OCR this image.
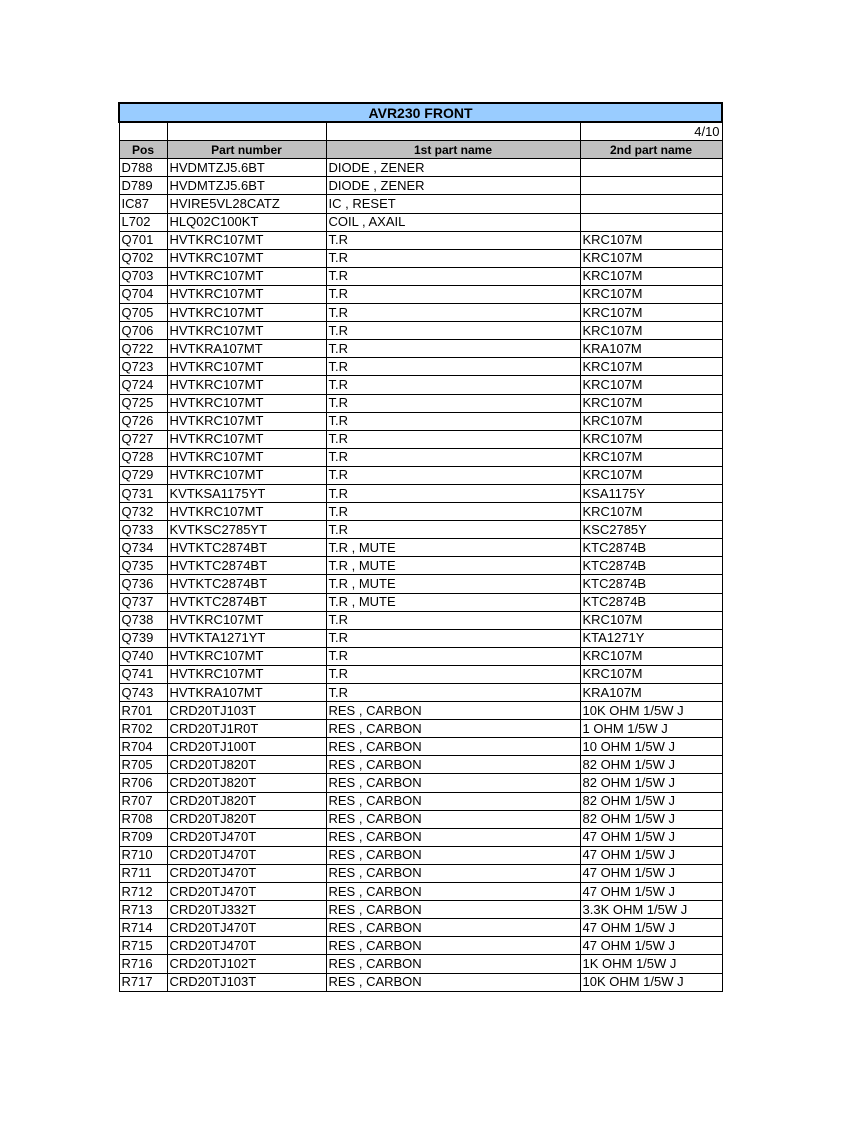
AVR230 FRONT			
			4/10
Pos	Part number	1st part name	2nd part name
D788	HVDMTZJ5.6BT	DIODE , ZENER	
D789	HVDMTZJ5.6BT	DIODE , ZENER	
IC87	HVIRE5VL28CATZ	IC , RESET	
L702	HLQ02C100KT	COIL , AXAIL	
Q701	HVTKRC107MT	T.R	KRC107M
Q702	HVTKRC107MT	T.R	KRC107M
Q703	HVTKRC107MT	T.R	KRC107M
Q704	HVTKRC107MT	T.R	KRC107M
Q705	HVTKRC107MT	T.R	KRC107M
Q706	HVTKRC107MT	T.R	KRC107M
Q722	HVTKRA107MT	T.R	KRA107M
Q723	HVTKRC107MT	T.R	KRC107M
Q724	HVTKRC107MT	T.R	KRC107M
Q725	HVTKRC107MT	T.R	KRC107M
Q726	HVTKRC107MT	T.R	KRC107M
Q727	HVTKRC107MT	T.R	KRC107M
Q728	HVTKRC107MT	T.R	KRC107M
Q729	HVTKRC107MT	T.R	KRC107M
Q731	KVTKSA1175YT	T.R	KSA1175Y
Q732	HVTKRC107MT	T.R	KRC107M
Q733	KVTKSC2785YT	T.R	KSC2785Y
Q734	HVTKTC2874BT	T.R , MUTE	KTC2874B
Q735	HVTKTC2874BT	T.R , MUTE	KTC2874B
Q736	HVTKTC2874BT	T.R , MUTE	KTC2874B
Q737	HVTKTC2874BT	T.R , MUTE	KTC2874B
Q738	HVTKRC107MT	T.R	KRC107M
Q739	HVTKTA1271YT	T.R	KTA1271Y
Q740	HVTKRC107MT	T.R	KRC107M
Q741	HVTKRC107MT	T.R	KRC107M
Q743	HVTKRA107MT	T.R	KRA107M
R701	CRD20TJ103T	RES , CARBON	10K OHM 1/5W J
R702	CRD20TJ1R0T	RES , CARBON	1 OHM 1/5W J
R704	CRD20TJ100T	RES , CARBON	10 OHM 1/5W J
R705	CRD20TJ820T	RES , CARBON	82 OHM 1/5W J
R706	CRD20TJ820T	RES , CARBON	82 OHM 1/5W J
R707	CRD20TJ820T	RES , CARBON	82 OHM 1/5W J
R708	CRD20TJ820T	RES , CARBON	82 OHM 1/5W J
R709	CRD20TJ470T	RES , CARBON	47 OHM 1/5W J
R710	CRD20TJ470T	RES , CARBON	47 OHM 1/5W J
R711	CRD20TJ470T	RES , CARBON	47 OHM 1/5W J
R712	CRD20TJ470T	RES , CARBON	47 OHM 1/5W J
R713	CRD20TJ332T	RES , CARBON	3.3K OHM 1/5W J
R714	CRD20TJ470T	RES , CARBON	47 OHM 1/5W J
R715	CRD20TJ470T	RES , CARBON	47 OHM 1/5W J
R716	CRD20TJ102T	RES , CARBON	1K OHM 1/5W J
R717	CRD20TJ103T	RES , CARBON	10K OHM 1/5W J
